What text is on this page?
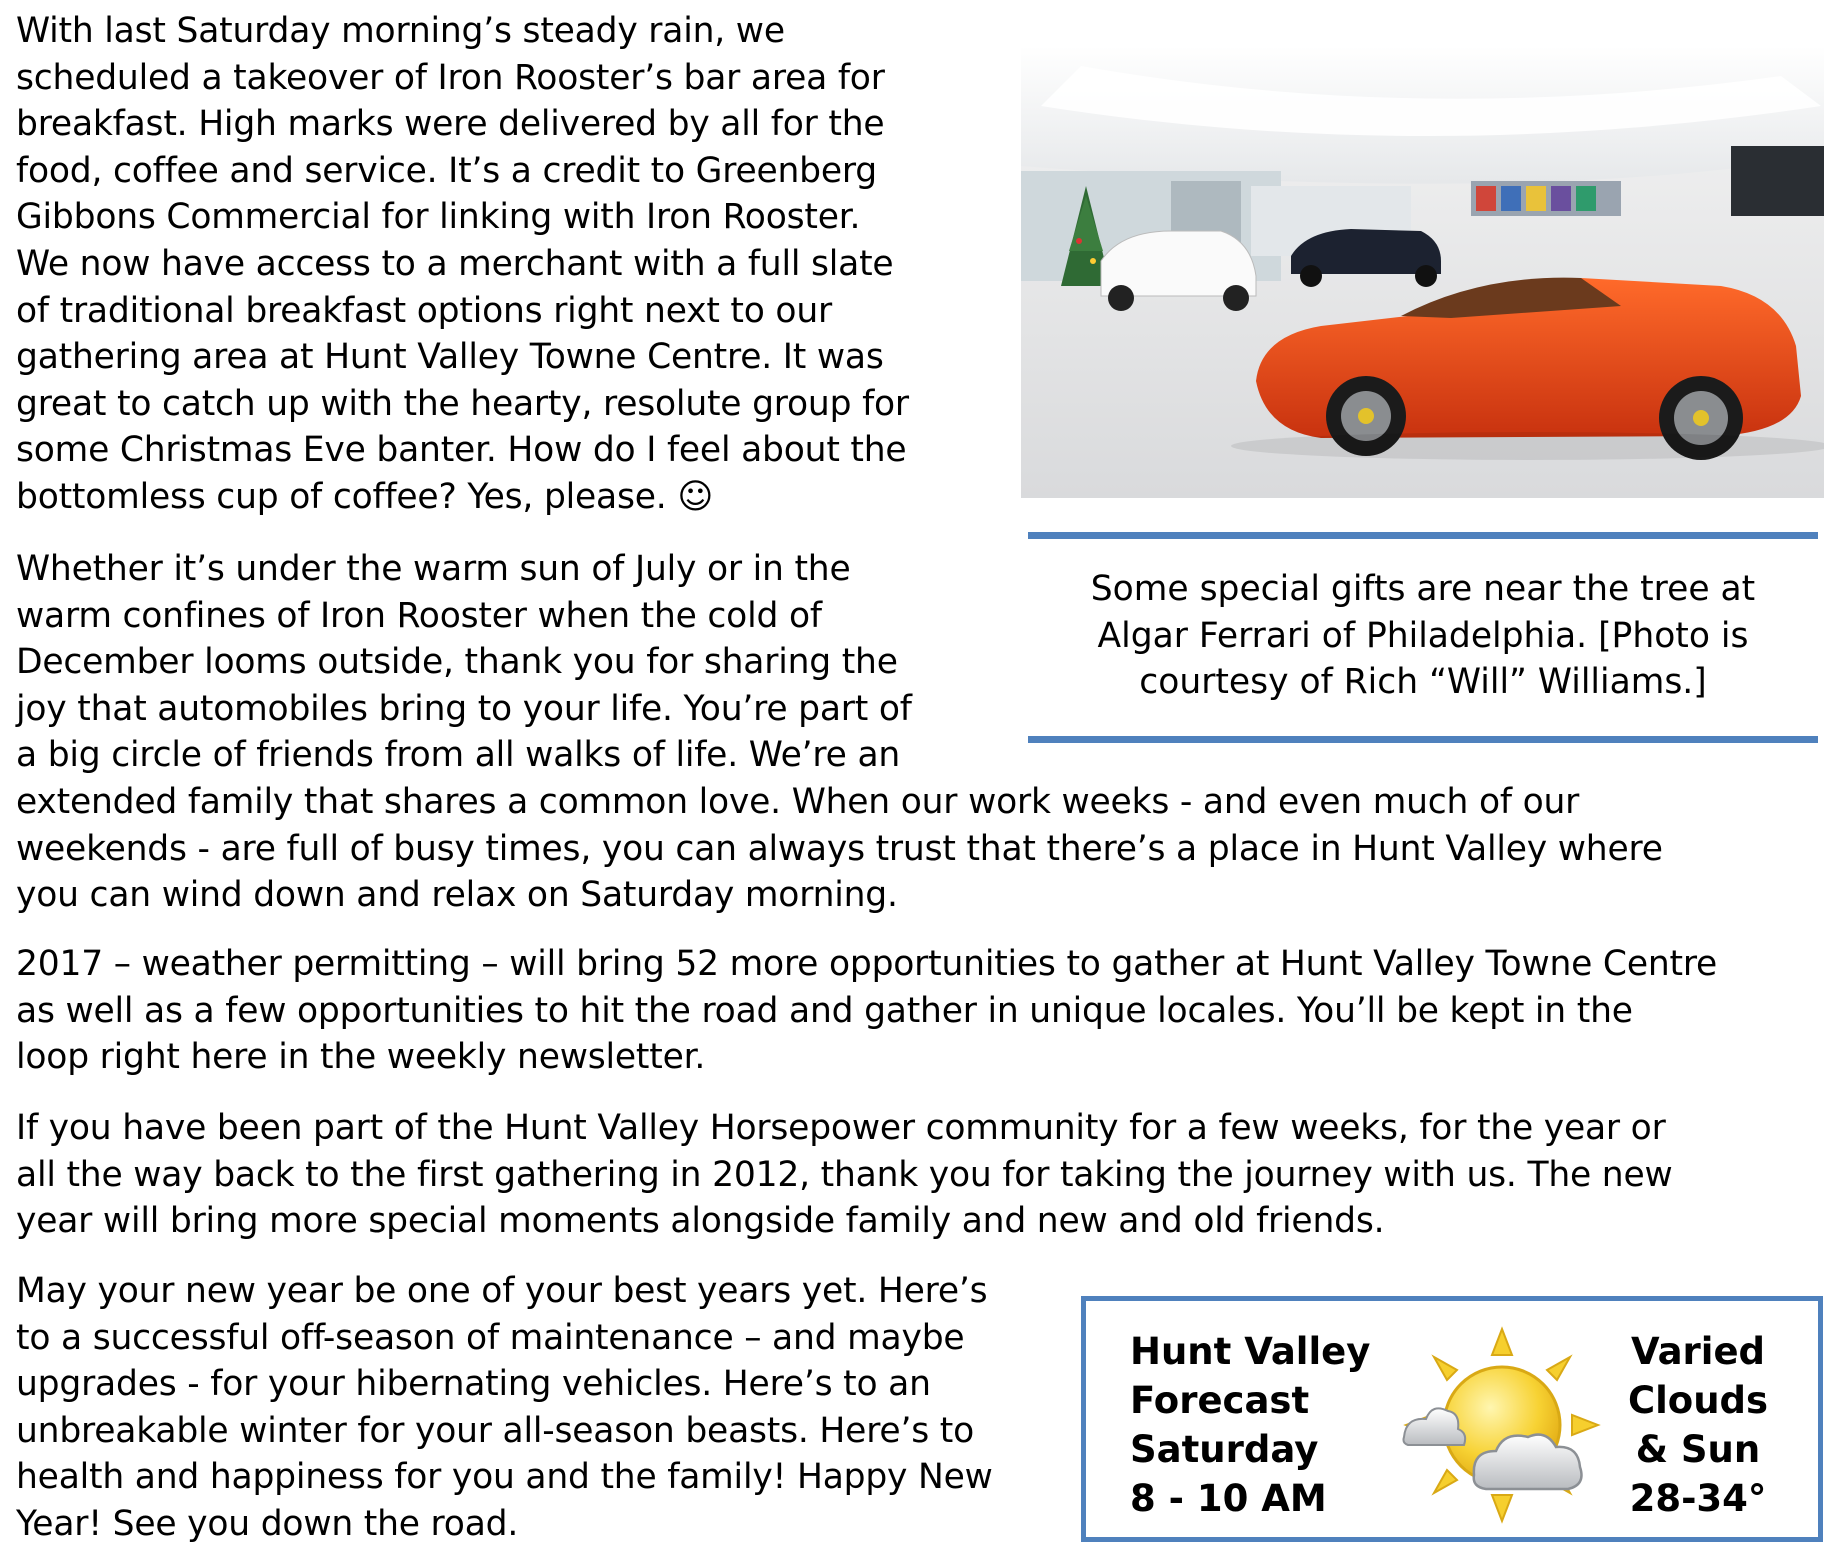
With last Saturday morning’s steady rain, we
scheduled a takeover of Iron Rooster’s bar area for
breakfast. High marks were delivered by all for the
food, coffee and service. It’s a credit to Greenberg
Gibbons Commercial for linking with Iron Rooster.
We now have access to a merchant with a full slate
of traditional breakfast options right next to our
gathering area at Hunt Valley Towne Centre. It was
great to catch up with the hearty, resolute group for
some Christmas Eve banter. How do I feel about the
bottomless cup of coffee? Yes, please. ☺

Some special gifts are near the tree at
Algar Ferrari of Philadelphia. [Photo is
courtesy of Rich “Will” Williams.]

Whether it’s under the warm sun of July or in the
warm confines of Iron Rooster when the cold of
December looms outside, thank you for sharing the
joy that automobiles bring to your life. You’re part of
a big circle of friends from all walks of life. We’re an
extended family that shares a common love. When our work weeks - and even much of our
weekends - are full of busy times, you can always trust that there’s a place in Hunt Valley where
you can wind down and relax on Saturday morning.
2017 – weather permitting – will bring 52 more opportunities to gather at Hunt Valley Towne Centre
as well as a few opportunities to hit the road and gather in unique locales. You’ll be kept in the
loop right here in the weekly newsletter.
If you have been part of the Hunt Valley Horsepower community for a few weeks, for the year or
all the way back to the first gathering in 2012, thank you for taking the journey with us. The new
year will bring more special moments alongside family and new and old friends.
May your new year be one of your best years yet. Here’s
to a successful off-season of maintenance – and maybe
upgrades - for your hibernating vehicles. Here’s to an
unbreakable winter for your all-season beasts. Here’s to
health and happiness for you and the family! Happy New
Year! See you down the road.
Hunt Valley
Forecast
Saturday
8 - 10 AM
Varied
Clouds
& Sun
28-34°
